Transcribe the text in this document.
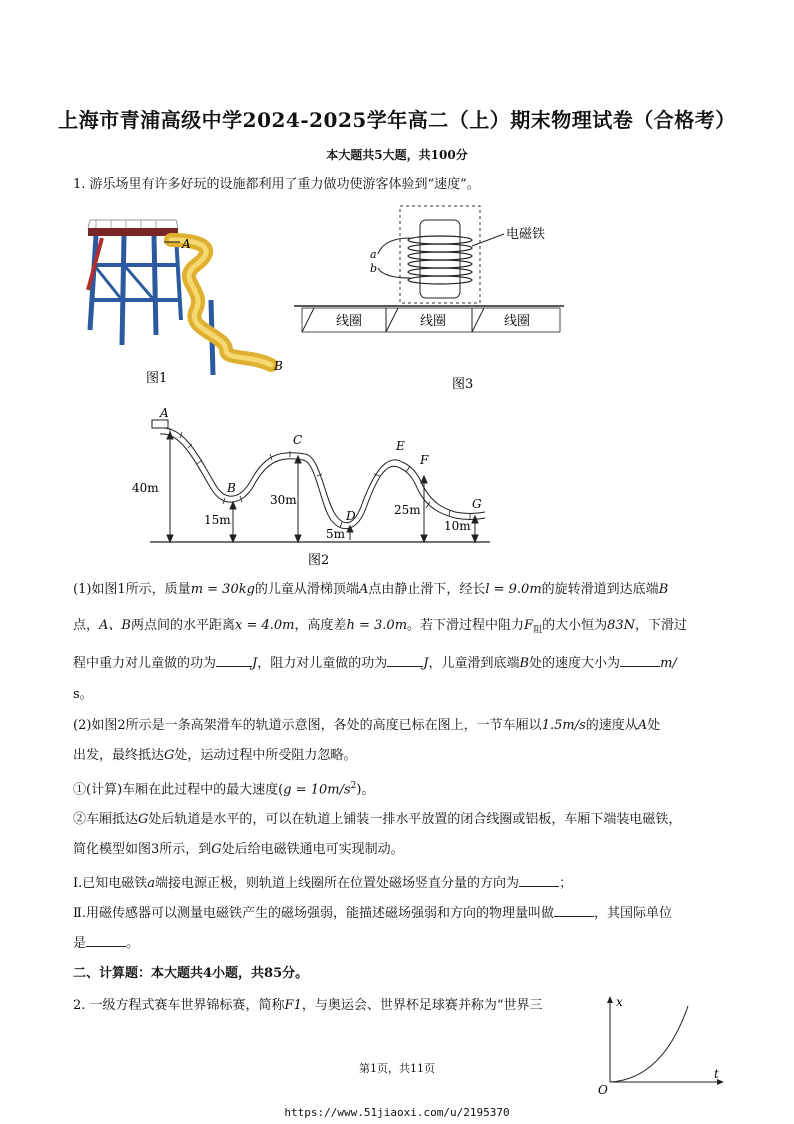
上海市青浦高级中学2024-2025学年高二（上）期末物理试卷（合格考）
本大题共5大题，共100分
1. 游乐场里有许多好玩的设施都利用了重力做功使游客体验到“速度”。
A
B
图1
a
b
电磁铁
线圈	线圈	线圈
图3
A
B
C
D
E
F
G
40m
15m
30m
5m
25m
10m
图2
(1)如图1所示，质量m = 30kg的儿童从滑梯顶端A点由静止滑下，经长l = 9.0m的旋转滑道到达底端B
点，A、B两点间的水平距离x = 4.0m，高度差h = 3.0m。若下滑过程中阻力$F_阻$的大小恒为83N，下滑过
程中重力对儿童做的功为	J，阻力对儿童做的功为	J，儿童滑到底端B处的速度大小为	m/
s。
(2)如图2所示是一条高架滑车的轨道示意图，各处的高度已标在图上，一节车厢以1.5m/s的速度从A处
出发，最终抵达G处，运动过程中所受阻力忽略。
①(计算)车厢在此过程中的最大速度$(g = 10m/s^2)$。
②车厢抵达G处后轨道是水平的，可以在轨道上铺装一排水平放置的闭合线圈或铝板，车厢下端装电磁铁，
简化模型如图3所示，到G处后给电磁铁通电可实现制动。
Ⅰ.已知电磁铁a端接电源正极，则轨道上线圈所在位置处磁场竖直分量的方向为	；
Ⅱ.用磁传感器可以测量电磁铁产生的磁场强弱，能描述磁场强弱和方向的物理量叫做	，其国际单位
是	。
二、计算题：本大题共4小题，共85分。
2. 一级方程式赛车世界锦标赛，简称F1，与奥运会、世界杯足球赛并称为“世界三	x
t
O
第1页，共11页
https://www.51jiaoxi.com/u/2195370
